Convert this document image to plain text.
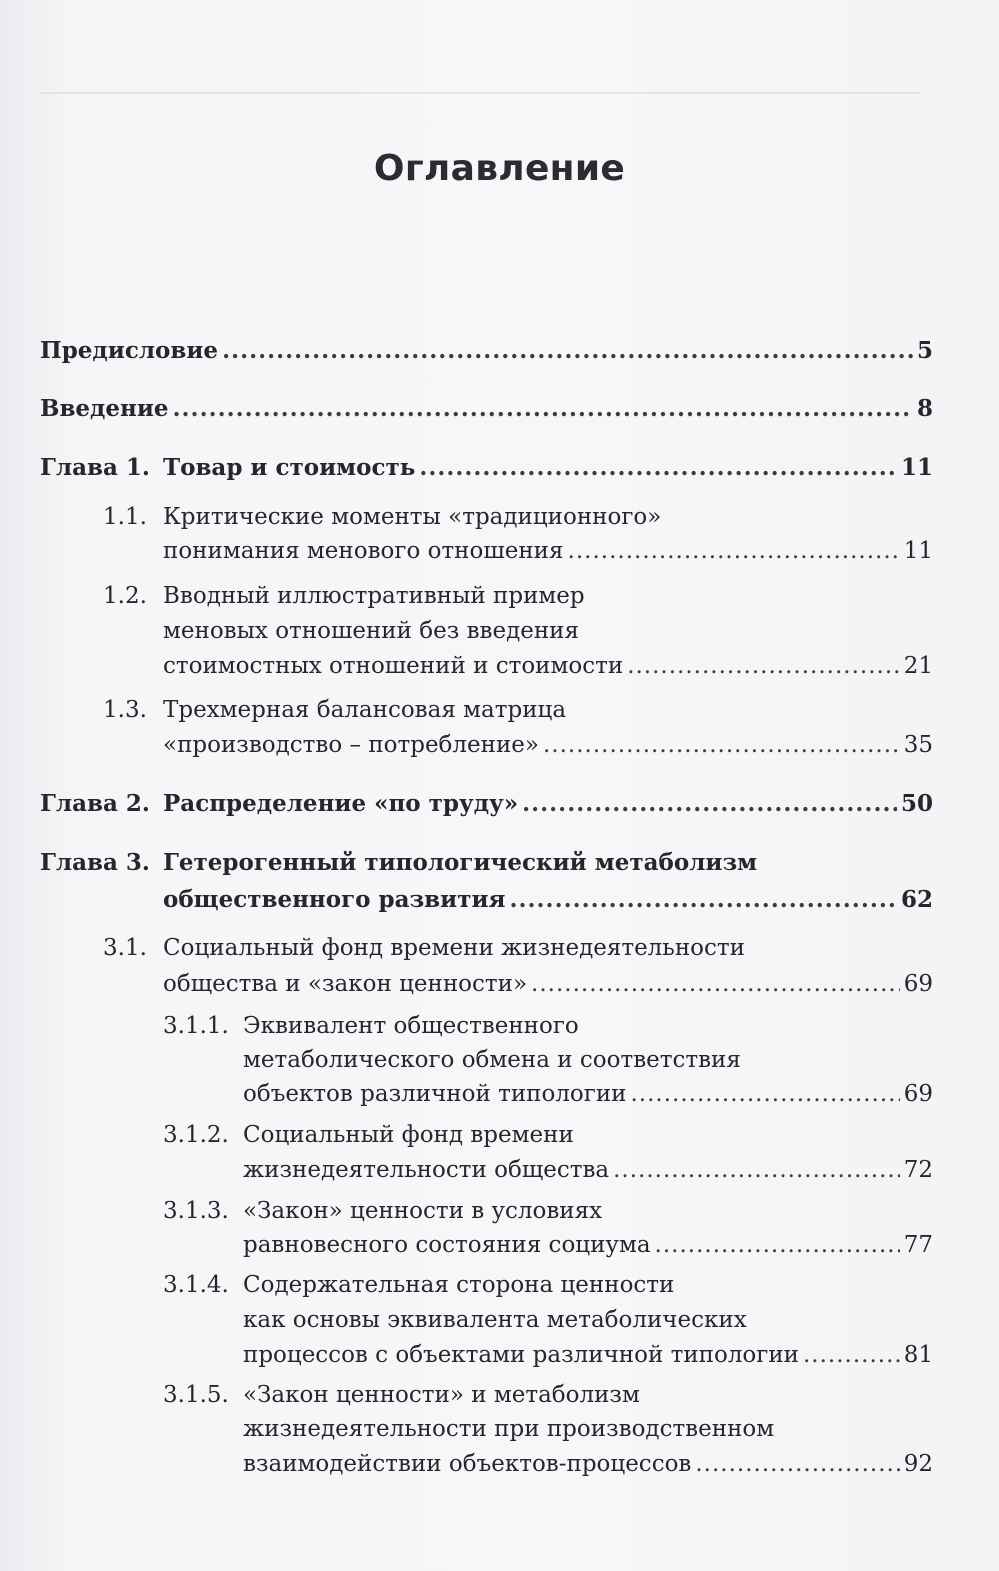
Оглавление
Предисловие .....	5
Введение .....	8
Глава 1. Товар и стоимость .....	11
1.1. Критические моменты «традиционного»
понимания менового отношения .....	11
1.2. Вводный иллюстративный пример
меновых отношений без введения
стоимостных отношений и стоимости .....	21
1.3. Трехмерная балансовая матрица
«производство – потребление» .....	35
Глава 2. Распределение «по труду» .....	50
Глава 3. Гетерогенный типологический метаболизм
общественного развития .....	62
3.1. Социальный фонд времени жизнедеятельности
общества и «закон ценности» .....	69
3.1.1. Эквивалент общественного
метаболического обмена и соответствия
объектов различной типологии .....	69
3.1.2. Социальный фонд времени
жизнедеятельности общества .....	72
3.1.3. «Закон» ценности в условиях
равновесного состояния социума .....	77
3.1.4. Содержательная сторона ценности
как основы эквивалента метаболических
процессов с объектами различной типологии .....	81
3.1.5. «Закон ценности» и метаболизм
жизнедеятельности при производственном
взаимодействии объектов-процессов .....	92
